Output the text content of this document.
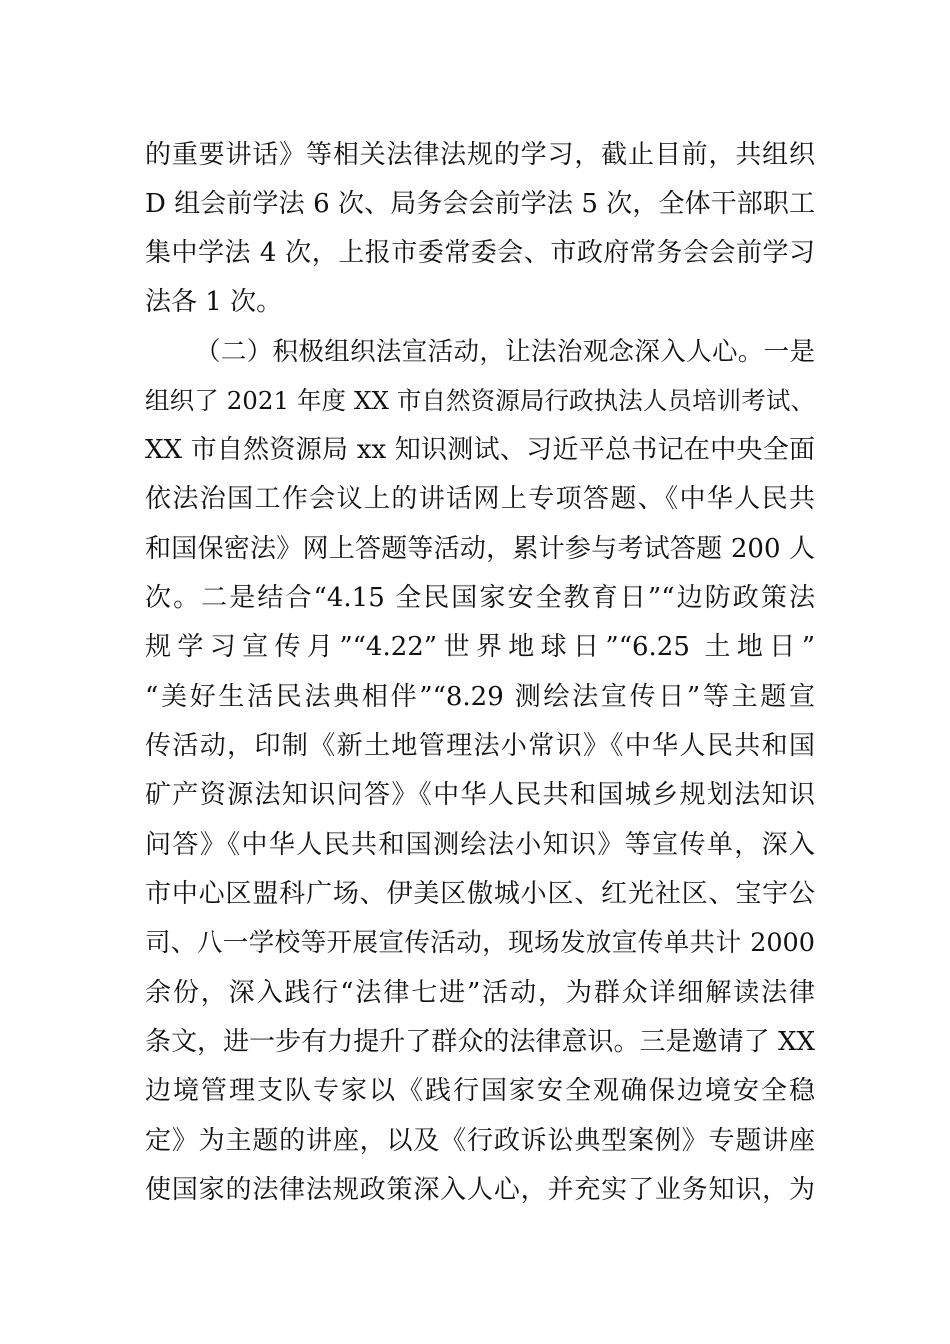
的重要讲话》等相关法律法规的学习，截止目前，共组织
D 组会前学法 6 次、局务会会前学法 5 次，全体干部职工
集中学法 4 次，上报市委常委会、市政府常务会会前学习
法各 1 次。
（二）积极组织法宣活动，让法治观念深入人心。一是
组织了 2021 年度 XX 市自然资源局行政执法人员培训考试、
XX 市自然资源局 xx 知识测试、习近平总书记在中央全面
依法治国工作会议上的讲话网上专项答题、《中华人民共
和国保密法》网上答题等活动，累计参与考试答题 200 人
次。二是结合“4.15 全民国家安全教育日”“边防政策法
规学习宣传月”“4.22”世界地球日”“6.25 土地日”
“美好生活民法典相伴”“8.29 测绘法宣传日”等主题宣
传活动，印制《新土地管理法小常识》《中华人民共和国
矿产资源法知识问答》《中华人民共和国城乡规划法知识
问答》《中华人民共和国测绘法小知识》等宣传单，深入
市中心区盟科广场、伊美区傲城小区、红光社区、宝宇公
司、八一学校等开展宣传活动，现场发放宣传单共计 2000
余份，深入践行“法律七进”活动，为群众详细解读法律
条文，进一步有力提升了群众的法律意识。三是邀请了 XX
边境管理支队专家以《践行国家安全观确保边境安全稳
定》为主题的讲座，以及《行政诉讼典型案例》专题讲座
使国家的法律法规政策深入人心，并充实了业务知识，为
